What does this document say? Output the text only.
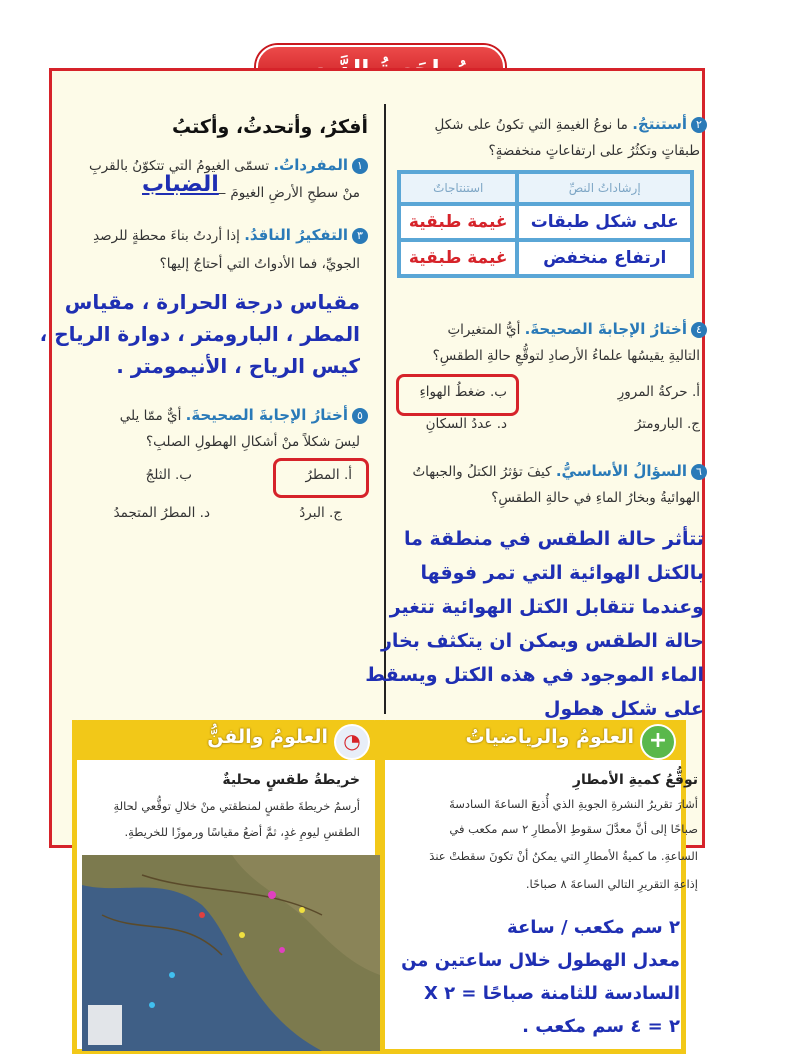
أفكرُ، وأتحدثُ، وأكتبُ
١المفرداتُ. تسمّى الغيومُ التي تتكوّنُ بالقربِ
منْ سطحِ الأرضِ الغيومَ ——
الضباب
٣التفكيرُ الناقدُ. إذا أردتُ بناءَ محطةٍ للرصدِ
الجويِّ، فما الأدواتُ التي أحتاجُ إليها؟
مقياس درجة الحرارة ، مقياس
المطر ، البارومتر ، دوارة الرياح ،
كيس الرياح ، الأنيمومتر .
٥أختارُ الإجابةَ الصحيحةَ. أيٌّ ممّا يلي
ليسَ شكلاً منْ أشكالِ الهطولِ الصلبِ؟
أ. المطرُ
ب. الثلجُ
ج. البردُ
د. المطرُ المتجمدُ
٢أستنتجُ. ما نوعُ الغيمةِ التي تكونُ على شكلِ
طبقاتٍ وتكثُرُ على ارتفاعاتٍ منخفضةٍ؟
إرشاداتُ النصِّ	استنتاجاتٌ
على شكل طبقات	غيمة طبقية
ارتفاع منخفض	غيمة طبقية
٤أختارُ الإجابةَ الصحيحةَ. أيُّ المتغيراتِ
التاليةِ يقيسُها علماءُ الأرصادِ لتوقُّعِ حالةِ الطقسِ؟
أ. حركةُ المرورِ
ب. ضغطُ الهواءِ
ج. البارومترُ
د. عددُ السكانِ
٦السؤالُ الأساسيُّ. كيفَ تؤثرُ الكتلُ والجبهاتُ
الهوائيةُ وبخارُ الماءِ في حالةِ الطقسِ؟
تتأثر حالة الطقس في منطقة ما
بالكتل الهوائية التي تمر فوقها
وعندما تتقابل الكتل الهوائية تتغير
حالة الطقس ويمكن ان يتكثف بخار
الماء الموجود في هذه الكتل ويسقط
على شكل هطول
+
العلومُ والرياضياتُ
توقُّعُ كميةِ الأمطارِ
أشارَ تقريرُ النشرةِ الجويةِ الذي أُذيعَ الساعةَ السادسةَ
صباحًا إلى أنَّ معدَّلَ سقوطِ الأمطارِ ٢ سم مكعب في
الساعةِ. ما كميةُ الأمطارِ التي يمكنُ أنْ تكونَ سقطتْ عندَ
إذاعةِ التقريرِ التالي الساعةَ ٨ صباحًا.
٢ سم مكعب / ساعة
معدل الهطول خلال ساعتين من
السادسة للثامنة صباحًا = ٢ X
٢ = ٤ سم مكعب .
◔
العلومُ والفنُّ
خريطةُ طقسٍ محليةٌ
أرسمُ خريطةَ طقسٍ لمنطقتي منْ خلالِ توقُّعي لحالةِ
الطقسِ ليومِ غدٍ، ثمَّ أضعُ مقياسًا ورموزًا للخريطةِ.
